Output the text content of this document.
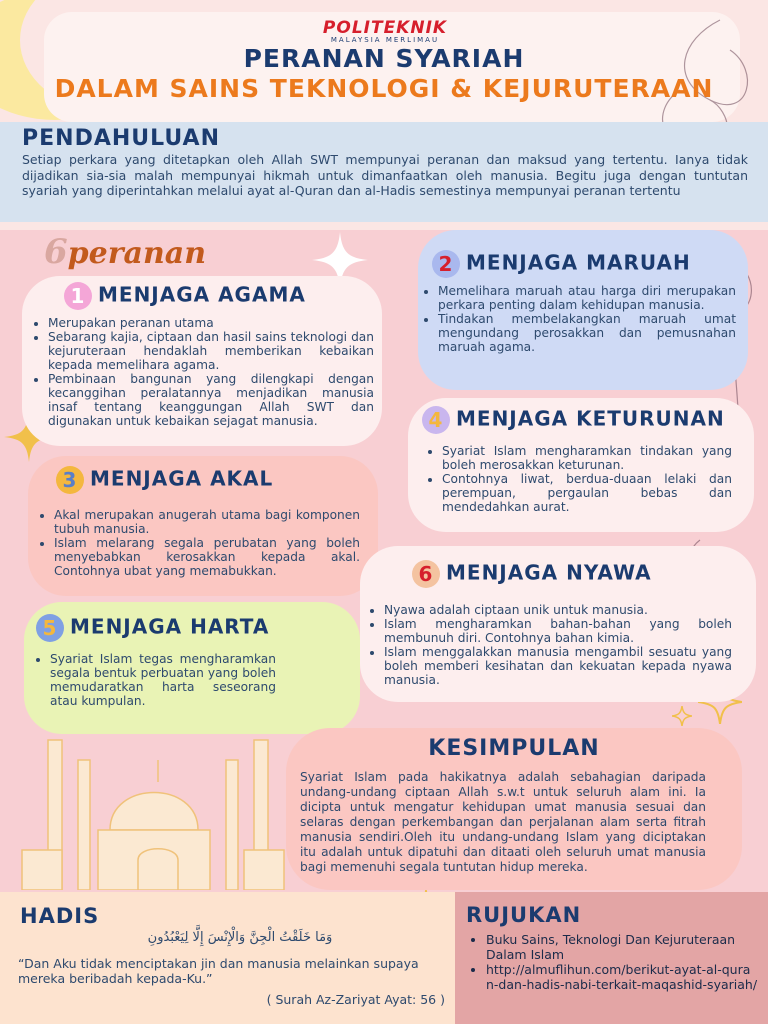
POLITEKNIK
MALAYSIA MERLIMAU
PERANAN SYARIAH
DALAM SAINS TEKNOLOGI & KEJURUTERAAN
PENDAHULUAN
Setiap perkara yang ditetapkan oleh Allah SWT mempunyai peranan dan maksud yang tertentu. Ianya tidak dijadikan sia-sia malah mempunyai hikmah untuk dimanfaatkan oleh manusia. Begitu juga dengan tuntutan syariah yang diperintahkan melalui ayat al-Quran dan al-Hadis semestinya mempunyai peranan tertentu
6peranan
1 MENJAGA AGAMA
• Merupakan peranan utama
• Sebarang kajia, ciptaan dan hasil sains teknologi dan kejuruteraan hendaklah memberikan kebaikan kepada memelihara agama.
• Pembinaan bangunan yang dilengkapi dengan kecanggihan peralatannya menjadikan manusia insaf tentang keanggungan Allah SWT dan digunakan untuk kebaikan sejagat manusia.
2 MENJAGA MARUAH
• Memelihara maruah atau harga diri merupakan perkara penting dalam kehidupan manusia.
• Tindakan membelakangkan maruah umat mengundang perosakkan dan pemusnahan maruah agama.
3 MENJAGA AKAL
• Akal merupakan anugerah utama bagi komponen tubuh manusia.
• Islam melarang segala perubatan yang boleh menyebabkan kerosakkan kepada akal. Contohnya ubat yang memabukkan.
4 MENJAGA KETURUNAN
• Syariat Islam mengharamkan tindakan yang boleh merosakkan keturunan.
• Contohnya liwat, berdua-duaan lelaki dan perempuan, pergaulan bebas dan mendedahkan aurat.
6 MENJAGA NYAWA
• Nyawa adalah ciptaan unik untuk manusia.
• Islam mengharamkan bahan-bahan yang boleh membunuh diri. Contohnya bahan kimia.
• Islam menggalakkan manusia mengambil sesuatu yang boleh memberi kesihatan dan kekuatan kepada nyawa manusia.
5 MENJAGA HARTA
• Syariat Islam tegas mengharamkan segala bentuk perbuatan yang boleh memudaratkan harta seseorang atau kumpulan.
KESIMPULAN
Syariat Islam pada hakikatnya adalah sebahagian daripada undang-undang ciptaan Allah s.w.t untuk seluruh alam ini. Ia dicipta untuk mengatur kehidupan umat manusia sesuai dan selaras dengan perkembangan dan perjalanan alam serta fitrah manusia sendiri.Oleh itu undang-undang Islam yang diciptakan itu adalah untuk dipatuhi dan ditaati oleh seluruh umat manusia bagi memenuhi segala tuntutan hidup mereka.
HADIS
وَمَا خَلَقْتُ الْجِنَّ وَالْإِنْسَ إِلَّا لِيَعْبُدُونِ
“Dan Aku tidak menciptakan jin dan manusia melainkan supaya mereka beribadah kepada-Ku.”
( Surah Az-Zariyat Ayat: 56 )
RUJUKAN
• Buku Sains, Teknologi Dan Kejuruteraan Dalam Islam
• http://almuflihun.com/berikut-ayat-al-quran-dan-hadis-nabi-terkait-maqashid-syariah/
